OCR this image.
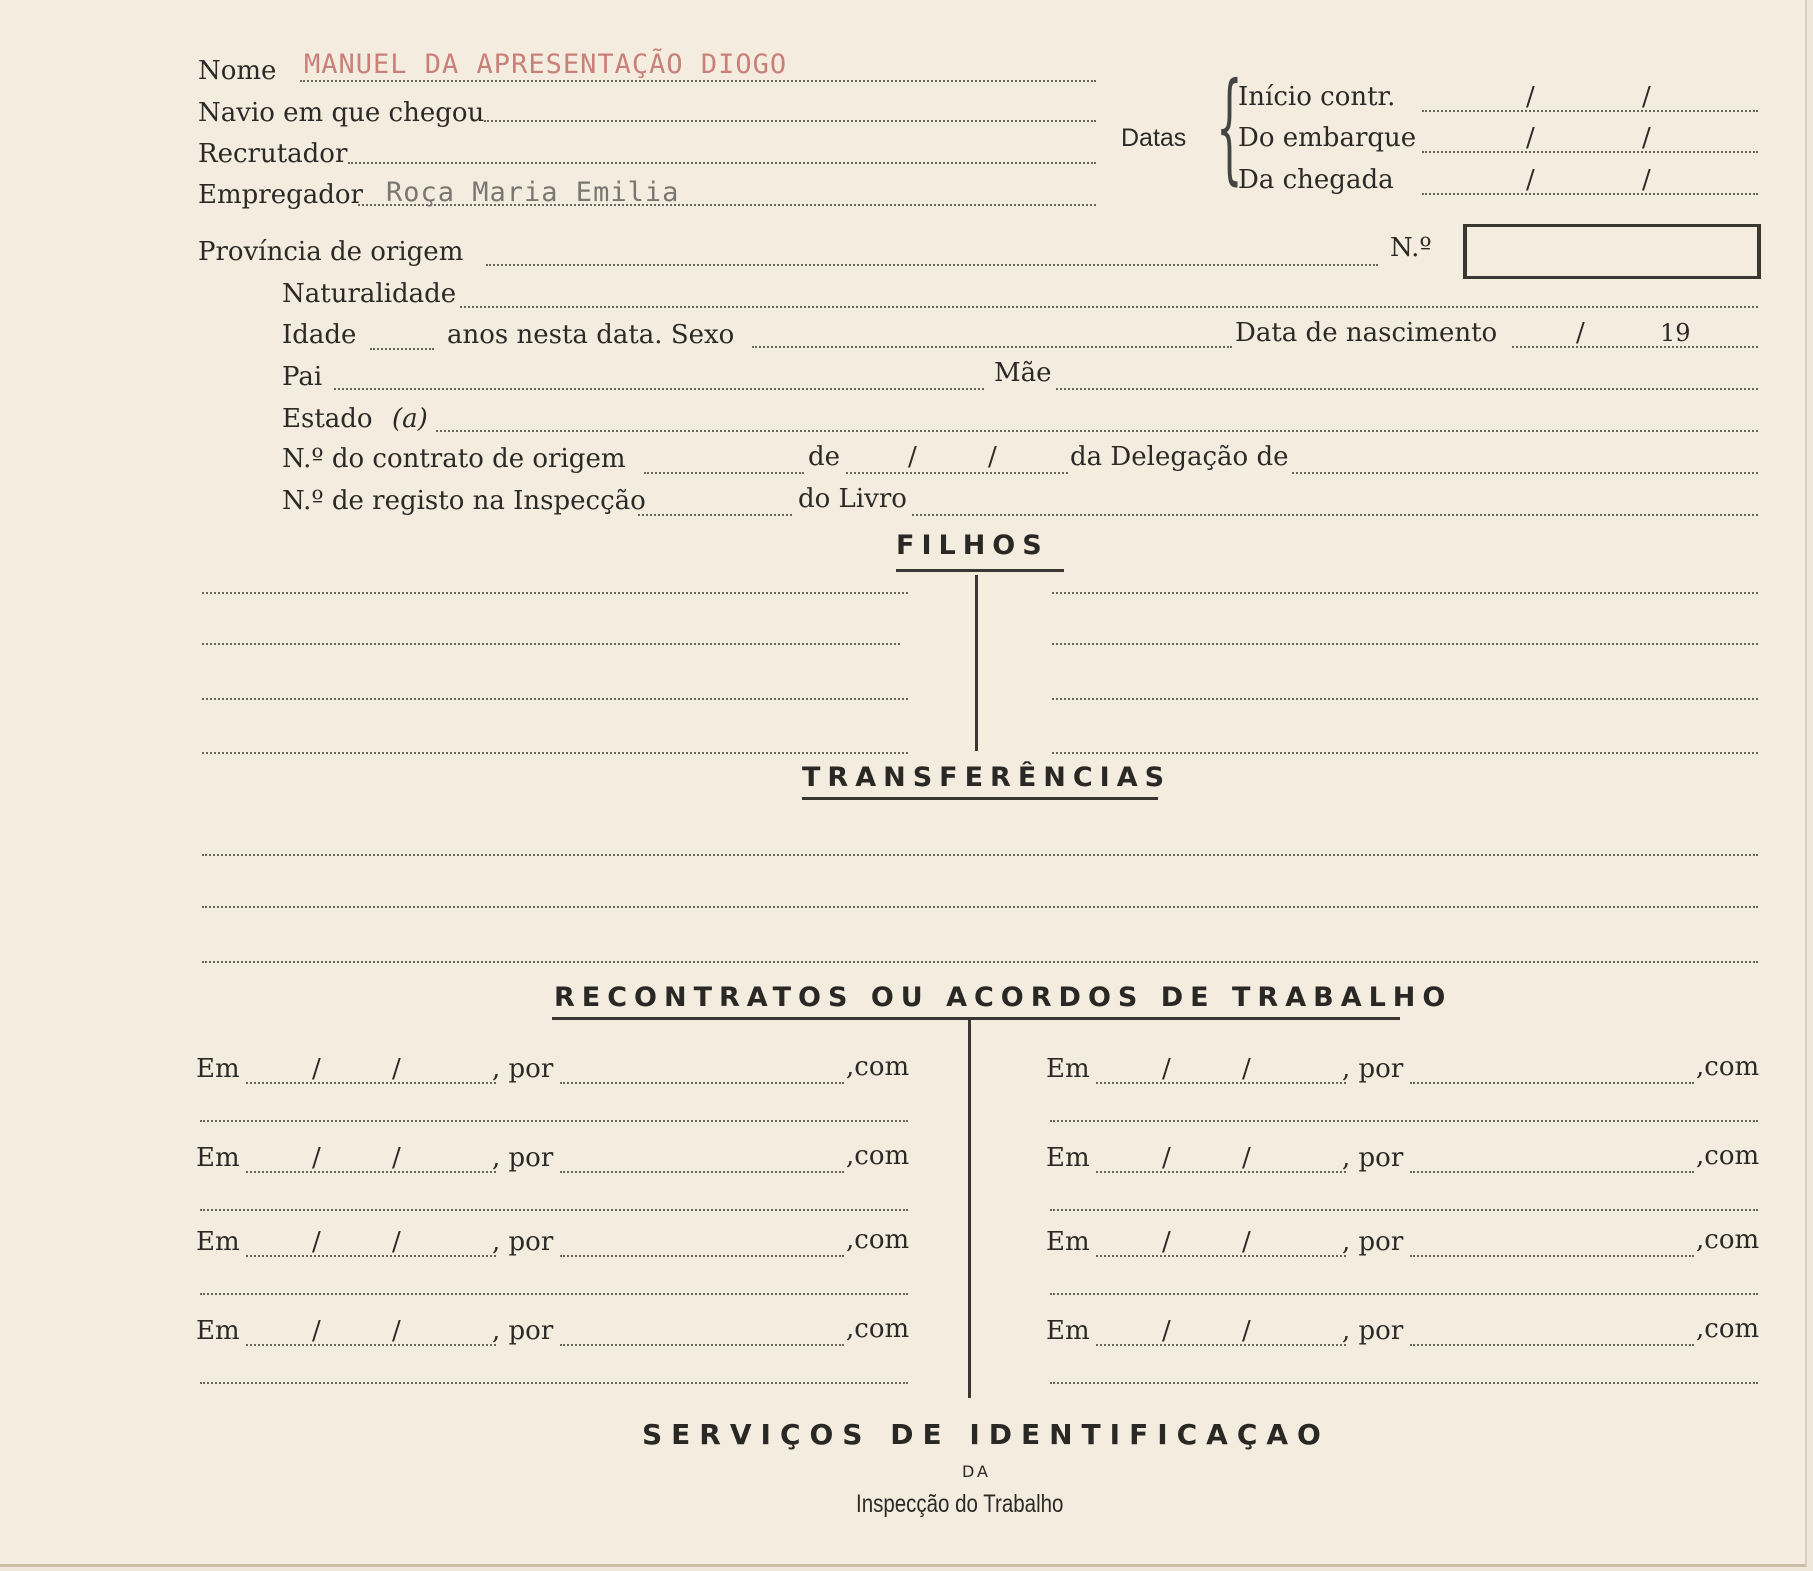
Nome MANUEL DA APRESENTAÇÃO DIOGO
Navio em que chegou
Recrutador
Empregador Roça Maria Emilia
Datas {
Início contr.	/	/
Do embarque	/	/
Da chegada	/	/
Província de origem	N.º
Naturalidade
Idade	anos nesta data. Sexo	Data de nascimento	/	19
Pai	Mãe
Estado (a)
N.º do contrato de origem	de	/	/	da Delegação de
N.º de registo na Inspecção	do Livro
FILHOS
TRANSFERÊNCIAS
RECONTRATOS OU ACORDOS DE TRABALHO
Em	/	/	, por	,com
Em	/	/	, por	,com
Em	/	/	, por	,com
Em	/	/	, por	,com
Em	/	/	, por	,com
Em	/	/	, por	,com
Em	/	/	, por	,com
Em	/	/	, por	,com
SERVIÇOS DE IDENTIFICAÇAO
DA
Inspecção do Trabalho
